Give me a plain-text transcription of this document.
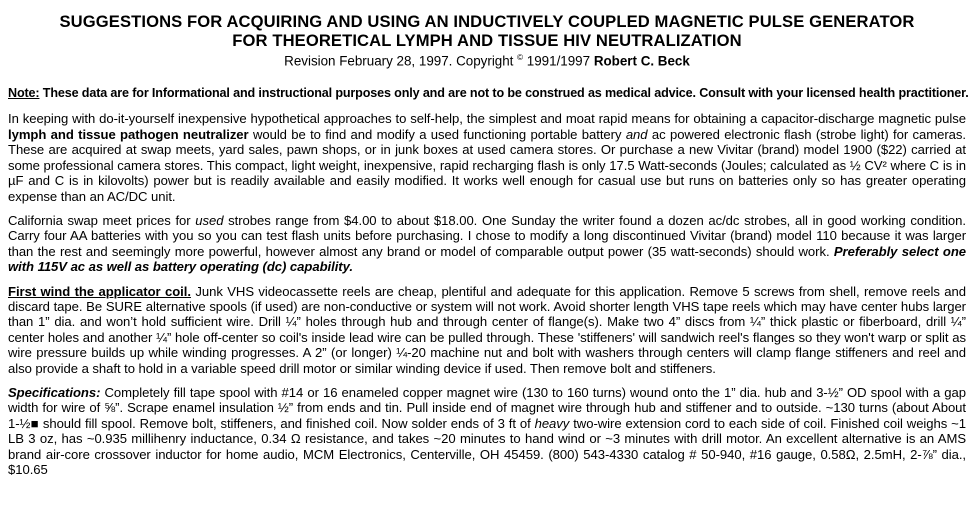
SUGGESTIONS FOR ACQUIRING AND USING AN INDUCTIVELY COUPLED MAGNETIC PULSE GENERATOR
FOR THEORETICAL LYMPH AND TISSUE HIV NEUTRALIZATION
Revision February 28, 1997. Copyright © 1991/1997 Robert C. Beck
Note: These data are for Informational and instructional purposes only and are not to be construed as medical advice. Consult with your licensed health practitioner.

In keeping with do-it-yourself inexpensive hypothetical approaches to self-help, the simplest and moat rapid means for obtaining a capacitor-discharge magnetic pulse lymph and tissue pathogen neutralizer would be to find and modify a used functioning portable battery and ac powered electronic flash (strobe light) for cameras. These are acquired at swap meets, yard sales, pawn shops, or in junk boxes at used camera stores. Or purchase a new Vivitar (brand) model 1900 ($22) carried at some professional camera stores. This compact, light weight, inexpensive, rapid recharging flash is only 17.5 Watt-seconds (Joules; calculated as ½ CV² where C is in µF and C is in kilovolts) power but is readily available and easily modified. It works well enough for casual use but runs on batteries only so has greater operating expense than an AC/DC unit.

California swap meet prices for used strobes range from $4.00 to about $18.00. One Sunday the writer found a dozen ac/dc strobes, all in good working condition. Carry four AA batteries with you so you can test flash units before purchasing. I chose to modify a long discontinued Vivitar (brand) model 110 because it was larger than the rest and seemingly more powerful, however almost any brand or model of comparable output power (35 watt-seconds) should work. Preferably select one with 115V ac as well as battery operating (dc) capability.

First wind the applicator coil. Junk VHS videocassette reels are cheap, plentiful and adequate for this application. Remove 5 screws from shell, remove reels and discard tape. Be SURE alternative spools (if used) are non-conductive or system will not work. Avoid shorter length VHS tape reels which may have center hubs larger than 1” dia. and won’t hold sufficient wire. Drill ¼” holes through hub and through center of flange(s). Make two 4” discs from ¼” thick plastic or fiberboard, drill ¼” center holes and another ¼” hole off-center so coil's inside lead wire can be pulled through. These 'stiffeners' will sandwich reel's flanges so they won't warp or split as wire pressure builds up while winding progresses. A 2” (or longer) ¼-20 machine nut and bolt with washers through centers will clamp flange stiffeners and reel and also provide a shaft to hold in a variable speed drill motor or similar winding device if used. Then remove bolt and stiffeners.

Specifications: Completely fill tape spool with #14 or 16 enameled copper magnet wire (130 to 160 turns) wound onto the 1” dia. hub and 3-½” OD spool with a gap width for wire of ⅝”. Scrape enamel insulation ½” from ends and tin. Pull inside end of magnet wire through hub and stiffener and to outside. ~130 turns (about About 1-½■ should fill spool. Remove bolt, stiffeners, and finished coil. Now solder ends of 3 ft of heavy two-wire extension cord to each side of coil. Finished coil weighs ~1 LB 3 oz, has ~0.935 millihenry inductance, 0.34 Ω resistance, and takes ~20 minutes to hand wind or ~3 minutes with drill motor. An excellent alternative is an AMS brand air-core crossover inductor for home audio, MCM Electronics, Centerville, OH 45459. (800) 543-4330 catalog # 50-940, #16 gauge, 0.58Ω, 2.5mH, 2-⅞” dia., $10.65
